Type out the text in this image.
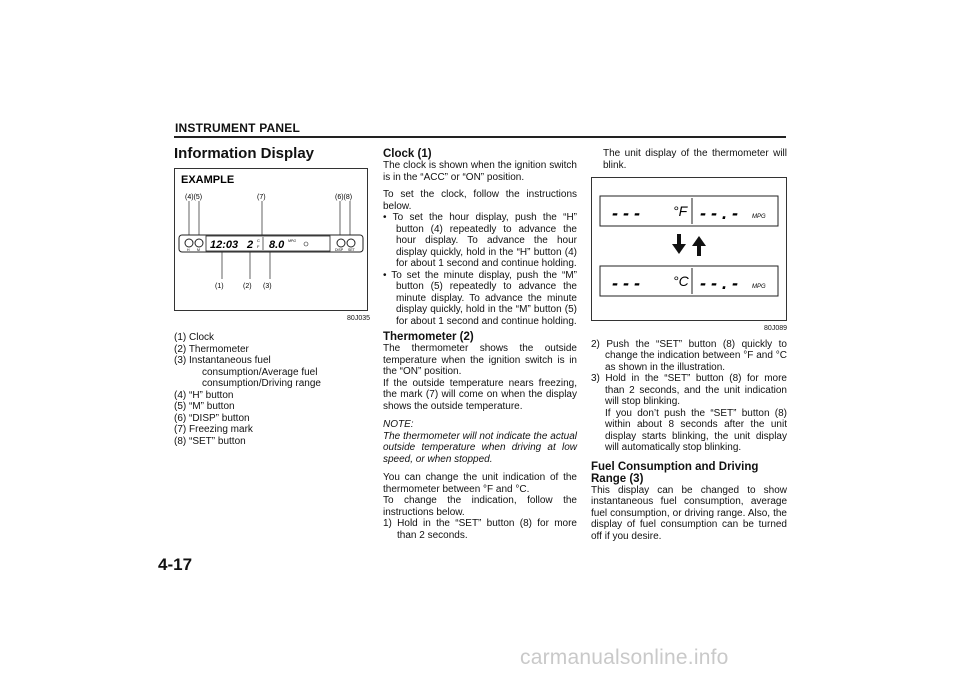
INSTRUMENT PANEL
4-17
Information Display
EXAMPLE
(4)(5)	(7)	(6)(8)
H M 12:03 2 C
F 8.0 MPG
DISP SET
(1)	(2) (3)
80J035
(1) Clock
(2) Thermometer
(3) Instantaneous fuel consumption/Average fuel consumption/Driving range
(4) “H” button
(5) “M” button
(6) “DISP” button
(7) Freezing mark
(8) “SET” button
Clock (1)

The clock is shown when the ignition switch is in the “ACC” or “ON” position.

To set the clock, follow the instructions below.

• To set the hour display, push the “H” button (4) repeatedly to advance the hour display. To advance the hour display quickly, hold in the “H” button (4) for about 1 second and continue holding.

• To set the minute display, push the “M” button (5) repeatedly to advance the minute display. To advance the minute display quickly, hold in the “M” button (5) for about 1 second and continue holding.

Thermometer (2)

The thermometer shows the outside temperature when the ignition switch is in the “ON” position.

If the outside temperature nears freezing, the mark (7) will come on when the display shows the outside temperature.

NOTE:

The thermometer will not indicate the actual outside temperature when driving at low speed, or when stopped.

You can change the unit indication of the thermometer between °F and °C.

To change the indication, follow the instructions below.

1) Hold in the “SET” button (8) for more than 2 seconds.

The unit display of the thermometer will blink.

- - - °F - - . - MPG
- - - °C - - . - MPG
80J089

2) Push the “SET” button (8) quickly to change the indication between °F and °C as shown in the illustration.

3) Hold in the “SET” button (8) for more than 2 seconds, and the unit indication will stop blinking.

If you don’t push the “SET” button (8) within about 8 seconds after the unit display starts blinking, the unit display will automatically stop blinking.

Fuel Consumption and Driving Range (3)

This display can be changed to show instantaneous fuel consumption, average fuel consumption, or driving range. Also, the display of fuel consumption can be turned off if you desire.

carmanualsonline.info
